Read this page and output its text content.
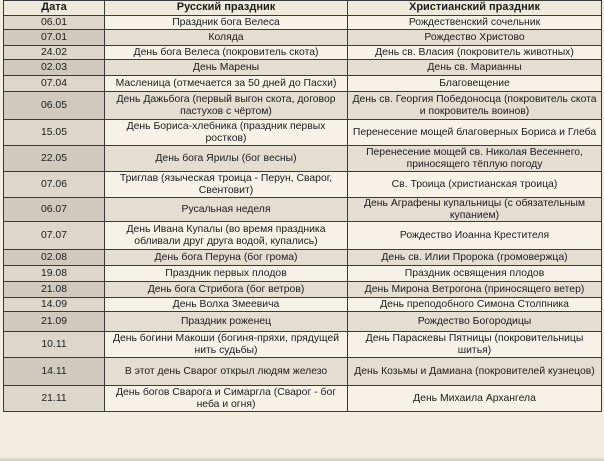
Дата	Русский праздник	Христианский праздник
06.01	Праздник бога Велеса	Рождественский сочельник
07.01	Коляда	Рождество Христово
24.02	День бога Велеса (покровитель скота)	День св. Власия (покровитель животных)
02.03	День Марены	День св. Марианны
07.04	Масленица (отмечается за 50 дней до Пасхи)	Благовещение
06.05	День Дажьбога (первый выгон скота, договор пастухов с чёртом)	День св. Георгия Победоносца (покровитель скота и покровитель воинов)
15.05	День Бориса-хлебника (праздник первых ростков)	Перенесение мощей благоверных Бориса и Глеба
22.05	День бога Ярилы (бог весны)	Перенесение мощей св. Николая Весеннего, приносящего тёплую погоду
07.06	Триглав (языческая троица - Перун, Сварог, Свентовит)	Св. Троица (христианская троица)
06.07	Русальная неделя	День Аграфены купальницы (с обязательным купанием)
07.07	День Ивана Купалы (во время праздника обливали друг друга водой, купались)	Рождество Иоанна Крестителя
02.08	День бога Перуна (бог грома)	День св. Илии Пророка (громовержца)
19.08	Праздник первых плодов	Праздник освящения плодов
21.08	День бога Стрибога (бог ветров)	День Мирона Ветрогона (приносящего ветер)
14.09	День Волха Змеевича	День преподобного Симона Столпника
21.09	Праздник роженец	Рождество Богородицы
10.11	День богини Макоши (богиня-пряхи, прядущей нить судьбы)	День Параскевы Пятницы (покровительницы шитья)
14.11	В этот день Сварог открыл людям железо	День Козьмы и Дамиана (покровителей кузнецов)
21.11	День богов Сварога и Симаргла (Сварог - бог неба и огня)	День Михаила Архангела
